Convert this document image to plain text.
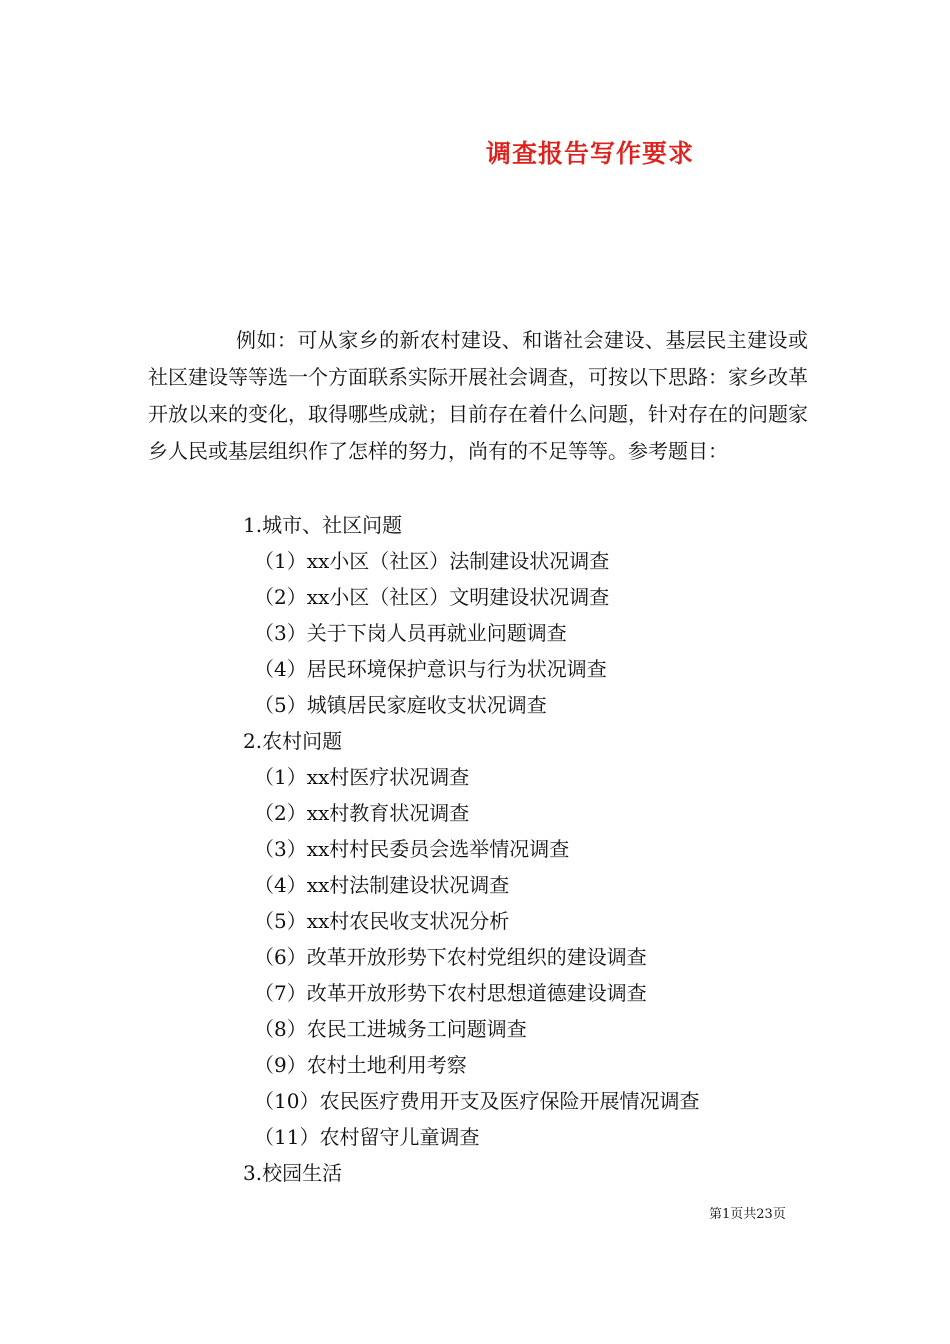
调查报告写作要求

例如：可从家乡的新农村建设、和谐社会建设、基层民主建设或社区建设等等选一个方面联系实际开展社会调查，可按以下思路：家乡改革开放以来的变化，取得哪些成就；目前存在着什么问题，针对存在的问题家乡人民或基层组织作了怎样的努力，尚有的不足等等。参考题目：

1.城市、社区问题
（1）xx小区（社区）法制建设状况调查
（2）xx小区（社区）文明建设状况调查
（3）关于下岗人员再就业问题调查
（4）居民环境保护意识与行为状况调查
（5）城镇居民家庭收支状况调查
2.农村问题
（1）xx村医疗状况调查
（2）xx村教育状况调查
（3）xx村村民委员会选举情况调查
（4）xx村法制建设状况调查
（5）xx村农民收支状况分析
（6）改革开放形势下农村党组织的建设调查
（7）改革开放形势下农村思想道德建设调查
（8）农民工进城务工问题调查
（9）农村土地利用考察
（10）农民医疗费用开支及医疗保险开展情况调查
（11）农村留守儿童调查
3.校园生活
第1页共23页
